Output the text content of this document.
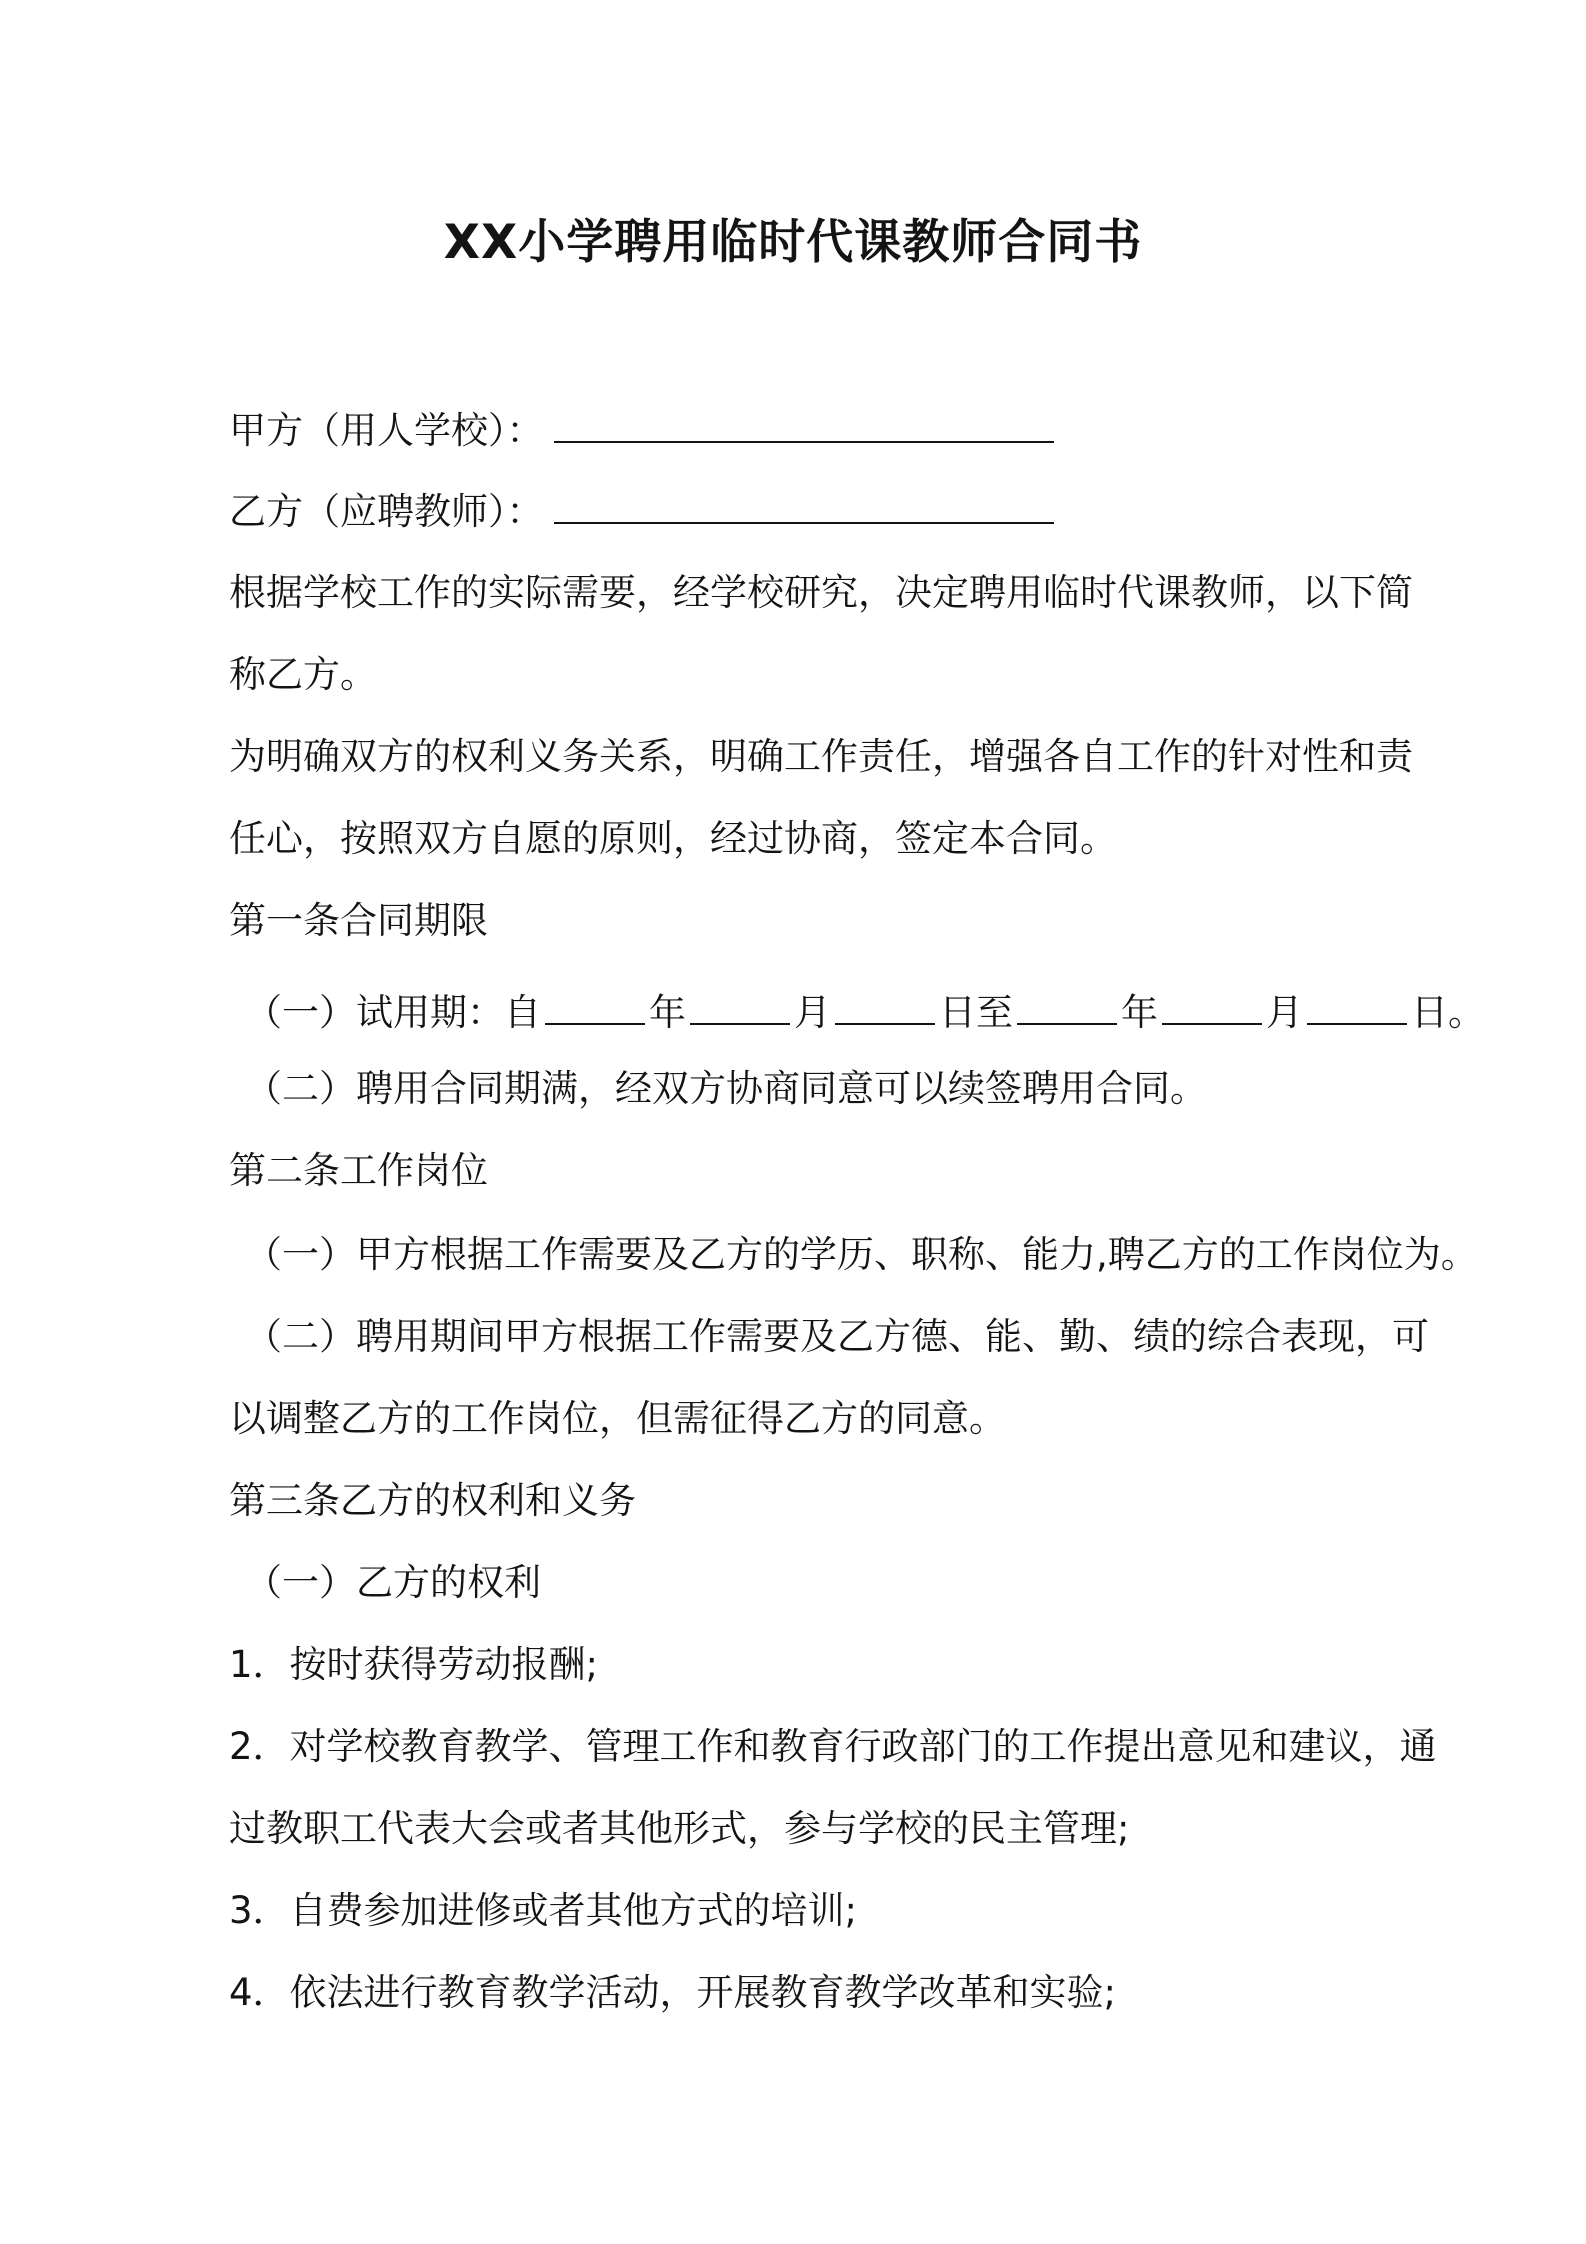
XX小学聘用临时代课教师合同书
甲方（用人学校）：
乙方（应聘教师）：
根据学校工作的实际需要，经学校研究，决定聘用临时代课教师，以下简
称乙方。
为明确双方的权利义务关系，明确工作责任，增强各自工作的针对性和责
任心，按照双方自愿的原则，经过协商，签定本合同。
第一条合同期限
（一）试用期：自	年	月	日至	年	月	日。
（二）聘用合同期满，经双方协商同意可以续签聘用合同。
第二条工作岗位
（一）甲方根据工作需要及乙方的学历、职称、能力,聘乙方的工作岗位为。
（二）聘用期间甲方根据工作需要及乙方德、能、勤、绩的综合表现，可
以调整乙方的工作岗位，但需征得乙方的同意。
第三条乙方的权利和义务
（一）乙方的权利
1．按时获得劳动报酬;
2．对学校教育教学、管理工作和教育行政部门的工作提出意见和建议，通
过教职工代表大会或者其他形式，参与学校的民主管理;
3．自费参加进修或者其他方式的培训;
4．依法进行教育教学活动，开展教育教学改革和实验;
